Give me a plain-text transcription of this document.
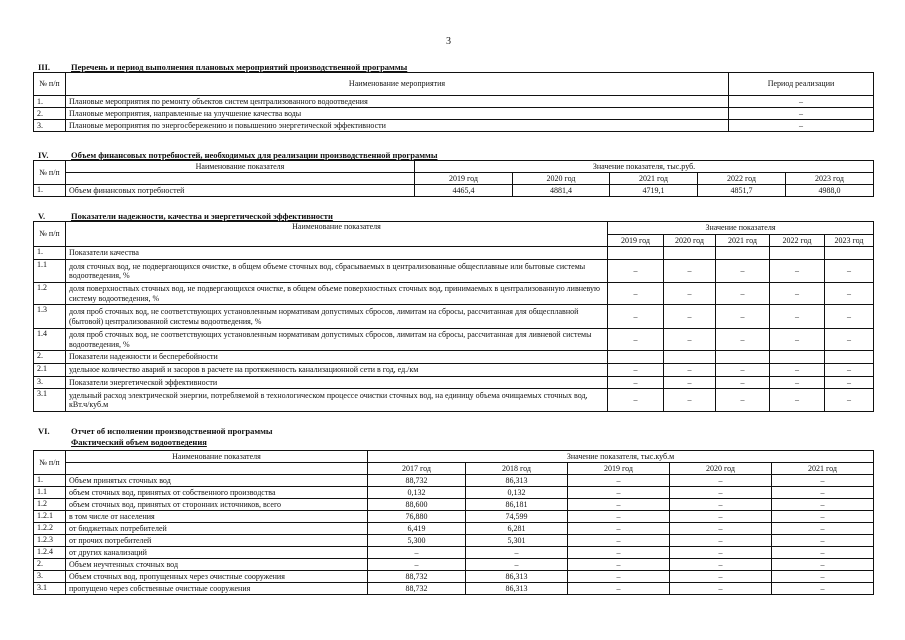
3
III. Перечень и период выполнения плановых мероприятий производственной программы
№ п/п	Наименование мероприятия	Период реализации
1.	Плановые мероприятия по ремонту объектов систем централизованного водоотведения	–
2.	Плановые мероприятия, направленные на улучшение качества воды	–
3.	Плановые мероприятия по энергосбережению и повышению энергетической эффективности	–
IV.	Объем финансовых потребностей, необходимых для реализации производственной программы
№ п/п	Наименование показателя	Значение показателя, тыс.руб.				
		2019 год	2020 год	2021 год	2022 год	2023 год
1.	Объем финансовых потребностей	4465,4	4881,4	4719,1	4851,7	4988,0
V.	Показатели надежности, качества и энергетической эффективности
№ п/п	Наименование показателя	Значение показателя				
		2019 год	2020 год	2021 год	2022 год	2023 год
1.	Показатели качества					
1.1	доля сточных вод, не подвергающихся очистке, в общем объеме сточных вод, сбрасываемых в централизованные общесплавные или бытовые системы водоотведения, %	–	–	–	–	–
1.2	доля поверхностных сточных вод, не подвергающихся очистке, в общем объеме поверхностных сточных вод, принимаемых в централизованную ливневую систему водоотведения, %	–	–	–	–	–
1.3	доля проб сточных вод, не соответствующих установленным нормативам допустимых сбросов, лимитам на сбросы, рассчитанная для общесплавной (бытовой) централизованной системы водоотведения, %	–	–	–	–	–
1.4	доля проб сточных вод, не соответствующих установленным нормативам допустимых сбросов, лимитам на сбросы, рассчитанная для ливневой системы водоотведения, %	–	–	–	–	–
2.	Показатели надежности и бесперебойности					
2.1	удельное количество аварий и засоров в расчете на протяженность канализационной сети в год, ед./км	–	–	–	–	–
3.	Показатели энергетической эффективности	–	–	–	–	–
3.1	удельный расход электрической энергии, потребляемой в технологическом процессе очистки сточных вод, на единицу объема очищаемых сточных вод, кВт.ч/куб.м	–	–	–	–	–
VI.	Отчет об исполнении производственной программы
Фактический объем водоотведения
№ п/п	Наименование показателя	Значение показателя, тыс.куб.м				
		2017 год	2018 год	2019 год	2020 год	2021 год
1.	Объем принятых сточных вод	88,732	86,313	–	–	–
1.1	объем сточных вод, принятых от собственного производства	0,132	0,132	–	–	–
1.2	объем сточных вод, принятых от сторонних источников, всего	88,600	86,181	–	–	–
1.2.1	в том числе от населения	76,880	74,599	–	–	–
1.2.2	от бюджетных потребителей	6,419	6,281	–	–	–
1.2.3	от прочих потребителей	5,300	5,301	–	–	–
1.2.4	от других канализаций	–	–	–	–	–
2.	Объем неучтенных сточных вод	–	–	–	–	–
3.	Объем сточных вод, пропущенных через очистные сооружения	88,732	86,313	–	–	–
3.1	пропущено через собственные очистные сооружения	88,732	86,313	–	–	–
